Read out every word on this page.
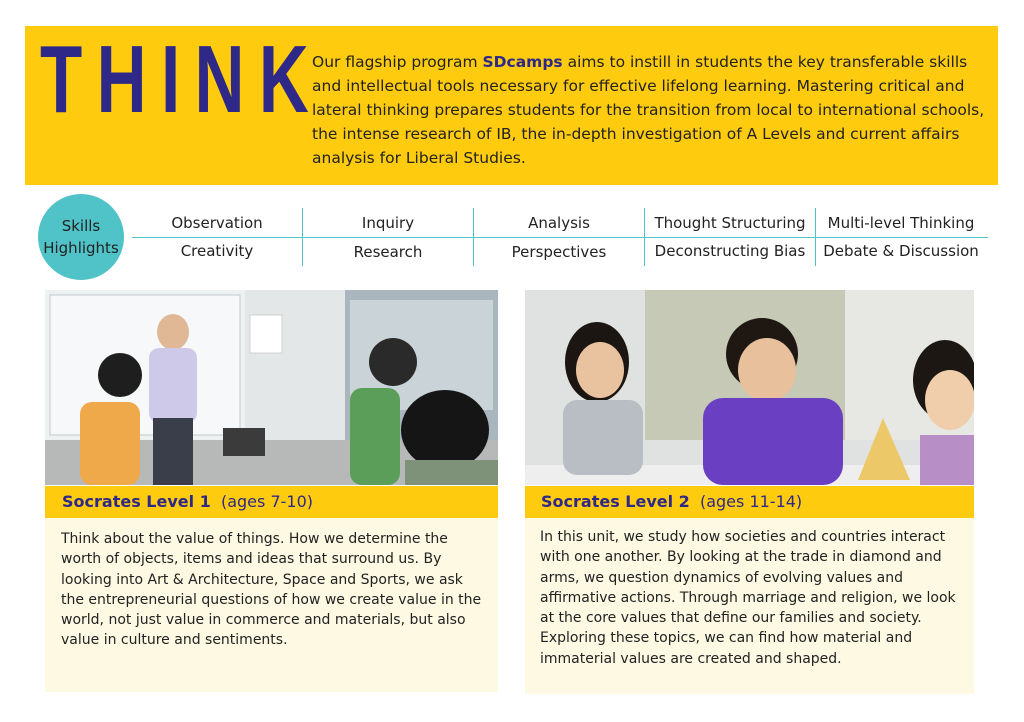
THINK
Our flagship program SDcamps aims to instill in students the key transferable skills and intellectual tools necessary for effective lifelong learning. Mastering critical and lateral thinking prepares students for the transition from local to international schools, the intense research of IB, the in-depth investigation of A Levels and current affairs analysis for Liberal Studies.
Skills
Highlights
Observation	Inquiry	Analysis	Thought Structuring	Multi-level Thinking
Creativity	Research	Perspectives	Deconstructing Bias	Debate & Discussion
Socrates Level 1 (ages 7-10)
Think about the value of things. How we determine the worth of objects, items and ideas that surround us. By looking into Art & Architecture, Space and Sports, we ask the entrepreneurial questions of how we create value in the world, not just value in commerce and materials, but also value in culture and sentiments.
Socrates Level 2 (ages 11-14)
In this unit, we study how societies and countries interact with one another. By looking at the trade in diamond and arms, we question dynamics of evolving values and affirmative actions. Through marriage and religion, we look at the core values that define our families and society. Exploring these topics, we can find how material and immaterial values are created and shaped.
